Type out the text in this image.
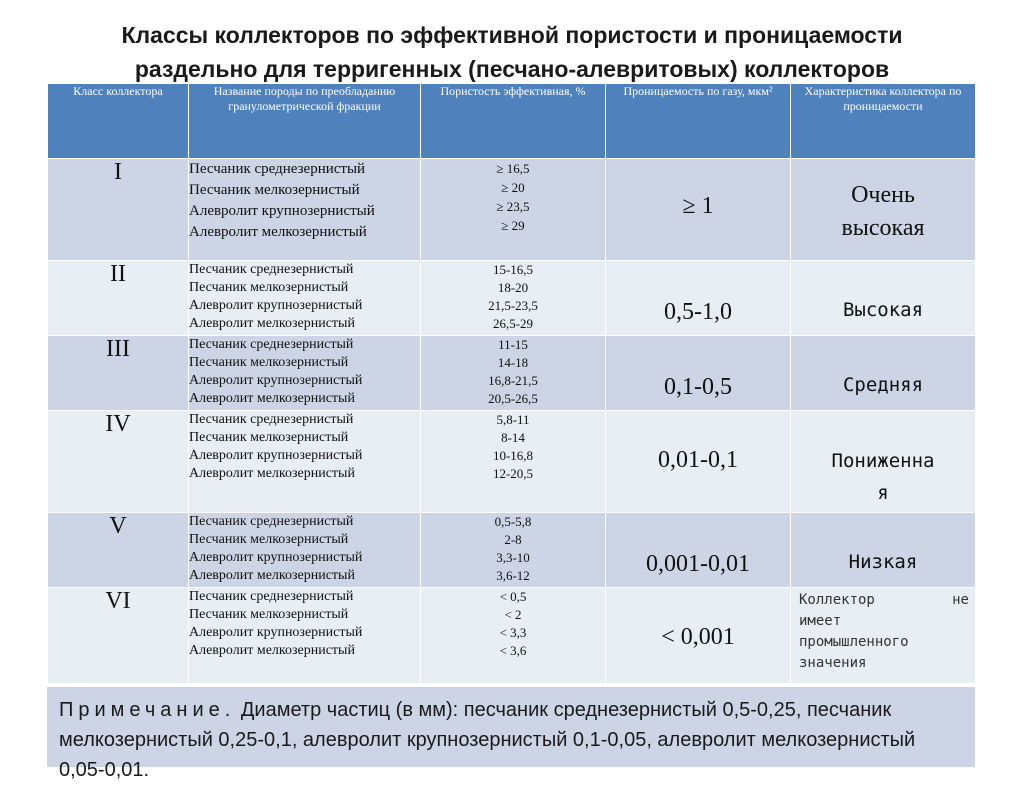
Классы коллекторов по эффективной пористости и проницаемости
раздельно для терригенных (песчано-алевритовых) коллекторов
Класс коллектора	Название породы по преобладанию гранулометрической фракции	Пористость эффективная, %	Проницаемость по газу, мкм²	Характеристика коллектора по проницаемости
I	Песчаник среднезернистый
Песчаник мелкозернистый
Алевролит крупнозернистый
Алевролит мелкозернистый	≥ 16,5
≥ 20
≥ 23,5
≥ 29	≥ 1	Очень
высокая

II	Песчаник среднезернистый
Песчаник мелкозернистый
Алевролит крупнозернистый
Алевролит мелкозернистый	15-16,5
18-20
21,5-23,5
26,5-29	0,5-1,0	Высокая

III	Песчаник среднезернистый
Песчаник мелкозернистый
Алевролит крупнозернистый
Алевролит мелкозернистый	11-15
14-18
16,8-21,5
20,5-26,5	0,1-0,5	Средняя

IV	Песчаник среднезернистый
Песчаник мелкозернистый
Алевролит крупнозернистый
Алевролит мелкозернистый	5,8-11
8-14
10-16,8
12-20,5	0,01-0,1	Пониженна
я

V	Песчаник среднезернистый
Песчаник мелкозернистый
Алевролит крупнозернистый
Алевролит мелкозернистый	0,5-5,8
2-8
3,3-10
3,6-12	0,001-0,01	Низкая

VI	Песчаник среднезернистый
Песчаник мелкозернистый
Алевролит крупнозернистый
Алевролит мелкозернистый	< 0,5
< 2
< 3,3
< 3,6	< 0,001	Коллектор не
имеет
промышленного
значения
Примечание. Диаметр частиц (в мм): песчаник среднезернистый 0,5-0,25, песчаник мелкозернистый 0,25-0,1, алевролит крупнозернистый 0,1-0,05, алевролит мелкозернистый 0,05-0,01.
